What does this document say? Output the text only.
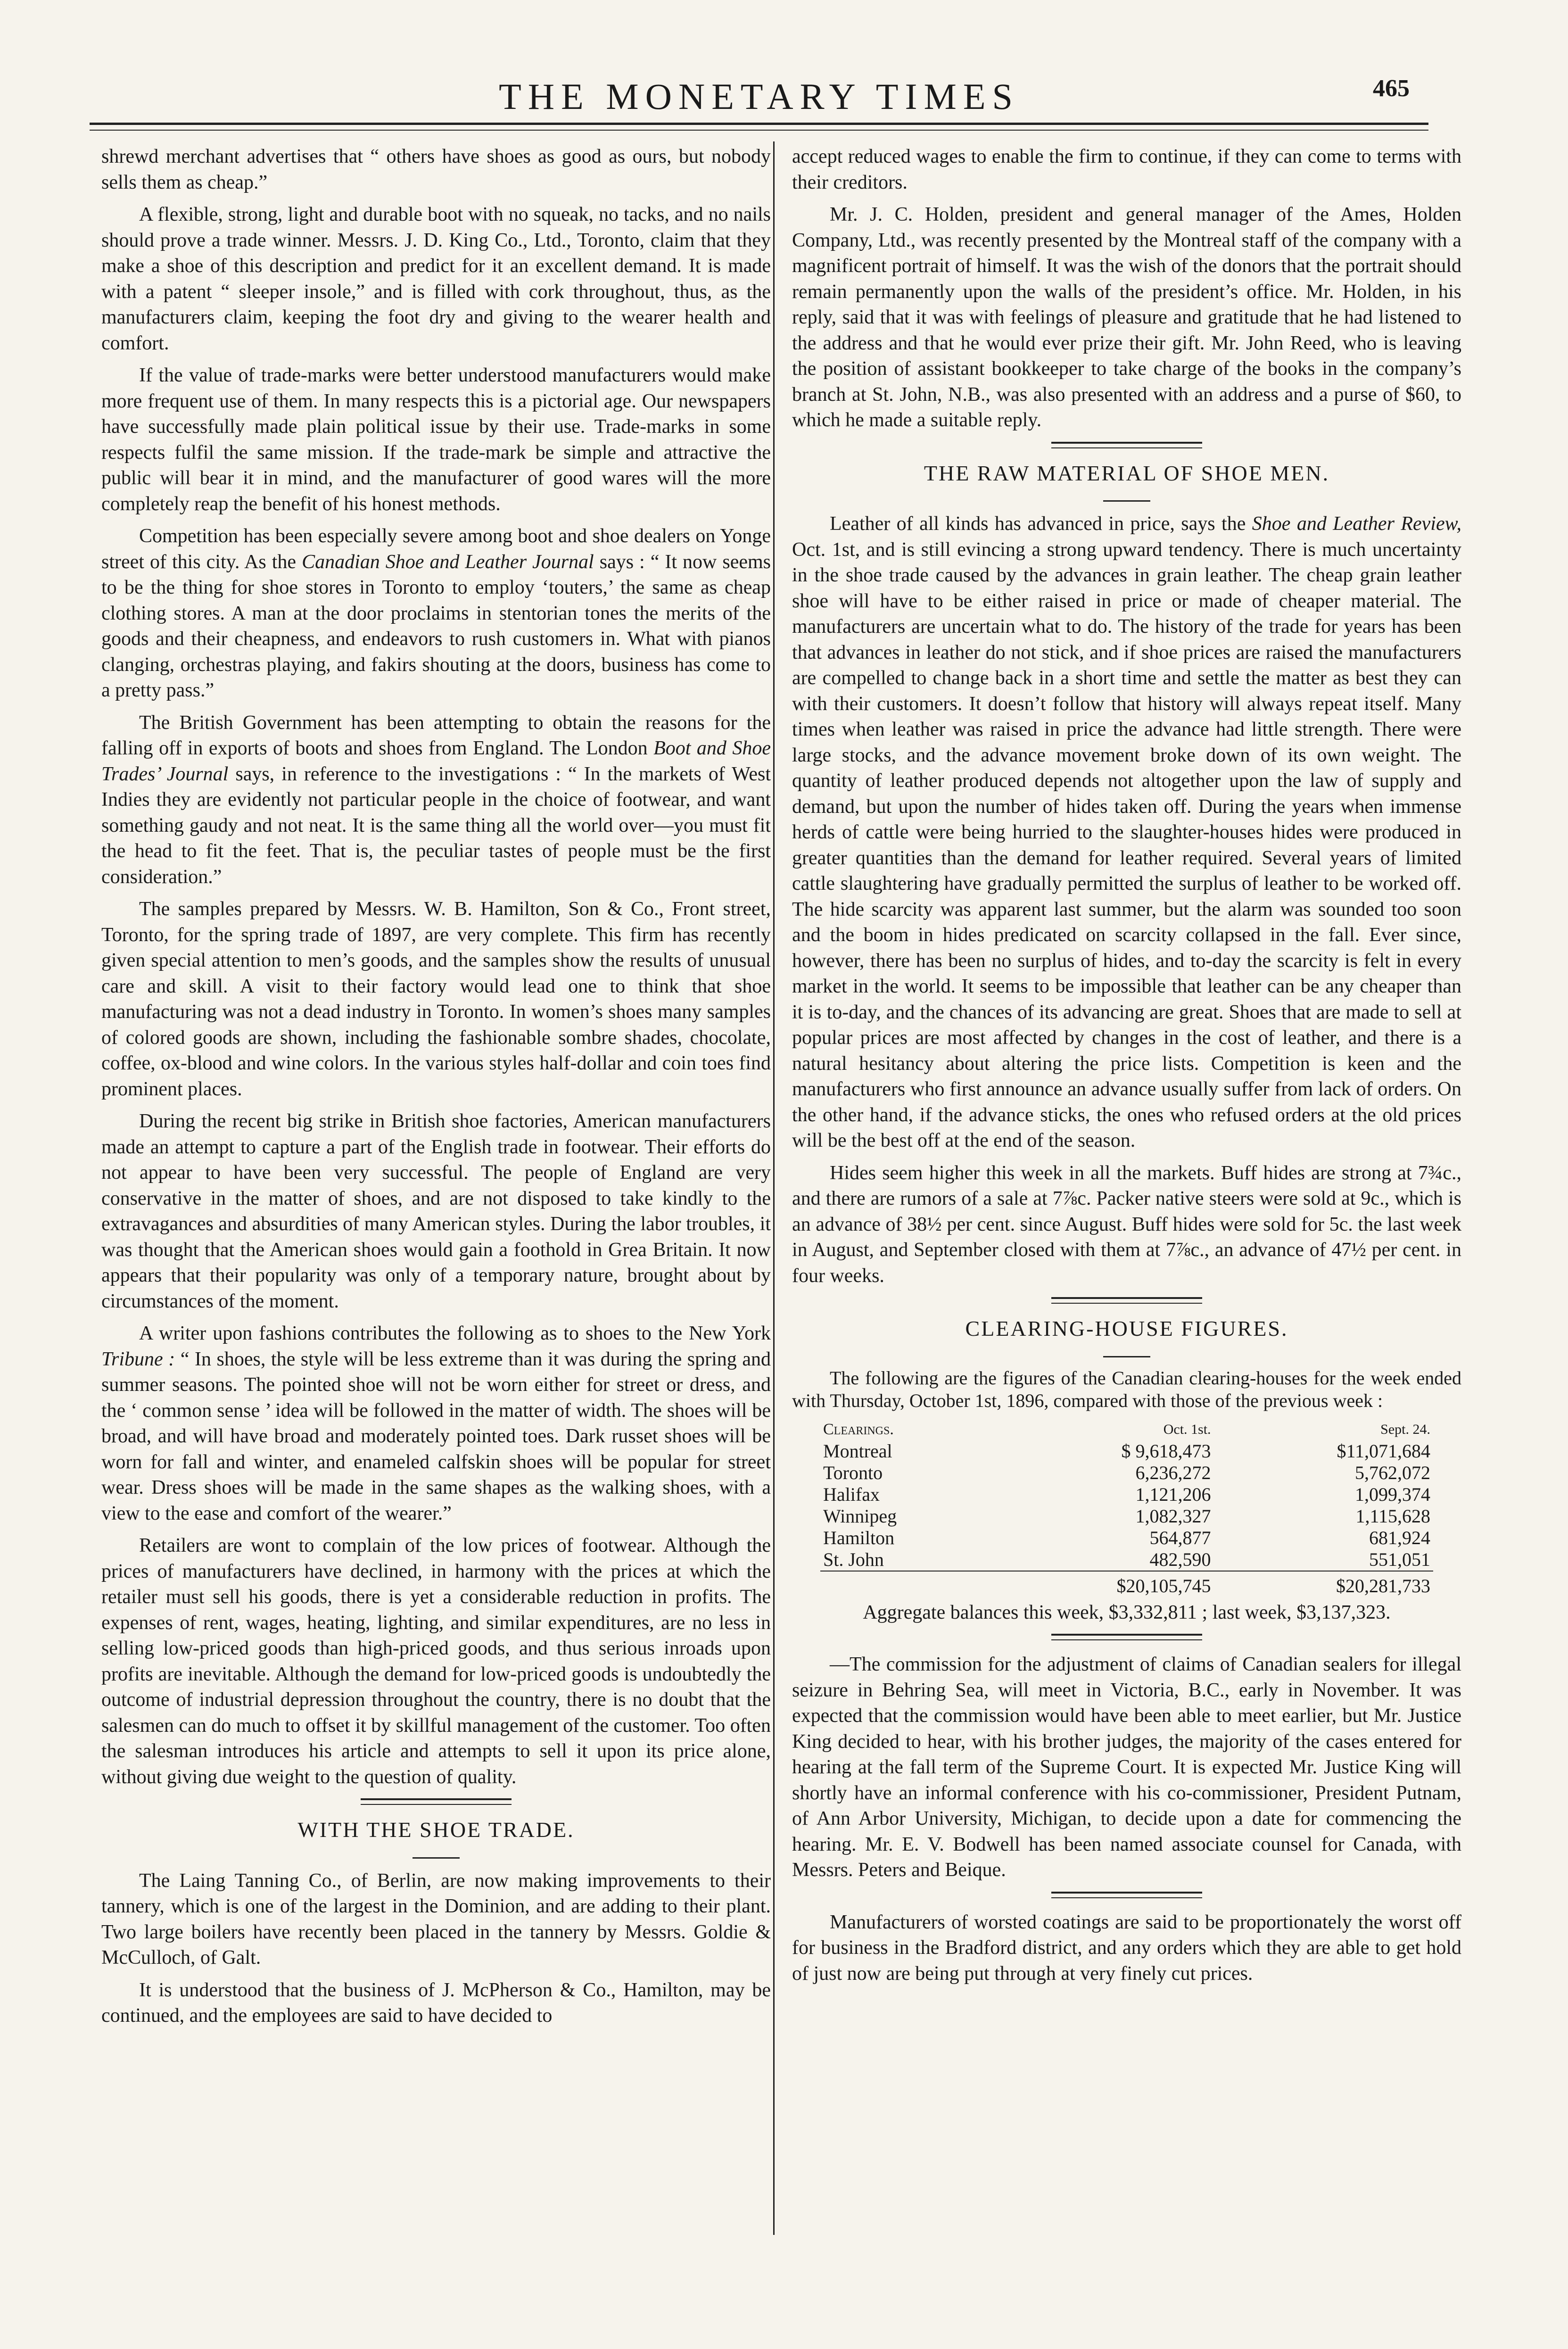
THE MONETARY TIMES	465

shrewd merchant advertises that “ others have shoes as good as ours, but nobody sells them as cheap.”

A flexible, strong, light and durable boot with no squeak, no tacks, and no nails should prove a trade winner. Messrs. J. D. King Co., Ltd., Toronto, claim that they make a shoe of this description and predict for it an excellent demand. It is made with a patent “ sleeper insole,” and is filled with cork throughout, thus, as the manufacturers claim, keeping the foot dry and giving to the wearer health and comfort.

If the value of trade-marks were better understood manufacturers would make more frequent use of them. In many respects this is a pictorial age. Our newspapers have successfully made plain political issue by their use. Trade-marks in some respects fulfil the same mission. If the trade-mark be simple and attractive the public will bear it in mind, and the manufacturer of good wares will the more completely reap the benefit of his honest methods.

Competition has been especially severe among boot and shoe dealers on Yonge street of this city. As the Canadian Shoe and Leather Journal says : “ It now seems to be the thing for shoe stores in Toronto to employ ‘touters,’ the same as cheap clothing stores. A man at the door proclaims in stentorian tones the merits of the goods and their cheapness, and endeavors to rush customers in. What with pianos clanging, orchestras playing, and fakirs shouting at the doors, business has come to a pretty pass.”

The British Government has been attempting to obtain the reasons for the falling off in exports of boots and shoes from England. The London Boot and Shoe Trades’ Journal says, in reference to the investigations : “ In the markets of West Indies they are evidently not particular people in the choice of footwear, and want something gaudy and not neat. It is the same thing all the world over—you must fit the head to fit the feet. That is, the peculiar tastes of people must be the first consideration.”

The samples prepared by Messrs. W. B. Hamilton, Son & Co., Front street, Toronto, for the spring trade of 1897, are very complete. This firm has recently given special attention to men’s goods, and the samples show the results of unusual care and skill. A visit to their factory would lead one to think that shoe manufacturing was not a dead industry in Toronto. In women’s shoes many samples of colored goods are shown, including the fashionable sombre shades, chocolate, coffee, ox-blood and wine colors. In the various styles half-dollar and coin toes find prominent places.

During the recent big strike in British shoe factories, American manufacturers made an attempt to capture a part of the English trade in footwear. Their efforts do not appear to have been very successful. The people of England are very conservative in the matter of shoes, and are not disposed to take kindly to the extravagances and absurdities of many American styles. During the labor troubles, it was thought that the American shoes would gain a foothold in Grea Britain. It now appears that their popularity was only of a temporary nature, brought about by circumstances of the moment.

A writer upon fashions contributes the following as to shoes to the New York Tribune : “ In shoes, the style will be less extreme than it was during the spring and summer seasons. The pointed shoe will not be worn either for street or dress, and the ‘ common sense ’ idea will be followed in the matter of width. The shoes will be broad, and will have broad and moderately pointed toes. Dark russet shoes will be worn for fall and winter, and enameled calfskin shoes will be popular for street wear. Dress shoes will be made in the same shapes as the walking shoes, with a view to the ease and comfort of the wearer.”

Retailers are wont to complain of the low prices of footwear. Although the prices of manufacturers have declined, in harmony with the prices at which the retailer must sell his goods, there is yet a considerable reduction in profits. The expenses of rent, wages, heating, lighting, and similar expenditures, are no less in selling low-priced goods than high-priced goods, and thus serious inroads upon profits are inevitable. Although the demand for low-priced goods is undoubtedly the outcome of industrial depression throughout the country, there is no doubt that the salesmen can do much to offset it by skillful management of the customer. Too often the salesman introduces his article and attempts to sell it upon its price alone, without giving due weight to the question of quality.

WITH THE SHOE TRADE.

The Laing Tanning Co., of Berlin, are now making improvements to their tannery, which is one of the largest in the Dominion, and are adding to their plant. Two large boilers have recently been placed in the tannery by Messrs. Goldie & McCulloch, of Galt.

It is understood that the business of J. McPherson & Co., Hamilton, may be continued, and the employees are said to have decided to

accept reduced wages to enable the firm to continue, if they can come to terms with their creditors.

Mr. J. C. Holden, president and general manager of the Ames, Holden Company, Ltd., was recently presented by the Montreal staff of the company with a magnificent portrait of himself. It was the wish of the donors that the portrait should remain permanently upon the walls of the president’s office. Mr. Holden, in his reply, said that it was with feelings of pleasure and gratitude that he had listened to the address and that he would ever prize their gift. Mr. John Reed, who is leaving the position of assistant bookkeeper to take charge of the books in the company’s branch at St. John, N.B., was also presented with an address and a purse of $60, to which he made a suitable reply.

THE RAW MATERIAL OF SHOE MEN.

Leather of all kinds has advanced in price, says the Shoe and Leather Review, Oct. 1st, and is still evincing a strong upward tendency. There is much uncertainty in the shoe trade caused by the advances in grain leather. The cheap grain leather shoe will have to be either raised in price or made of cheaper material. The manufacturers are uncertain what to do. The history of the trade for years has been that advances in leather do not stick, and if shoe prices are raised the manufacturers are compelled to change back in a short time and settle the matter as best they can with their customers. It doesn’t follow that history will always repeat itself. Many times when leather was raised in price the advance had little strength. There were large stocks, and the advance movement broke down of its own weight. The quantity of leather produced depends not altogether upon the law of supply and demand, but upon the number of hides taken off. During the years when immense herds of cattle were being hurried to the slaughter-houses hides were produced in greater quantities than the demand for leather required. Several years of limited cattle slaughtering have gradually permitted the surplus of leather to be worked off. The hide scarcity was apparent last summer, but the alarm was sounded too soon and the boom in hides predicated on scarcity collapsed in the fall. Ever since, however, there has been no surplus of hides, and to-day the scarcity is felt in every market in the world. It seems to be impossible that leather can be any cheaper than it is to-day, and the chances of its advancing are great. Shoes that are made to sell at popular prices are most affected by changes in the cost of leather, and there is a natural hesitancy about altering the price lists. Competition is keen and the manufacturers who first announce an advance usually suffer from lack of orders. On the other hand, if the advance sticks, the ones who refused orders at the old prices will be the best off at the end of the season.

Hides seem higher this week in all the markets. Buff hides are strong at 7¾c., and there are rumors of a sale at 7⅞c. Packer native steers were sold at 9c., which is an advance of 38½ per cent. since August. Buff hides were sold for 5c. the last week in August, and September closed with them at 7⅞c., an advance of 47½ per cent. in four weeks.

CLEARING-HOUSE FIGURES.

The following are the figures of the Canadian clearing-houses for the week ended with Thursday, October 1st, 1896, compared with those of the previous week :

Clearings.	Oct. 1st.	Sept. 24.
Montreal	$ 9,618,473	$11,071,684
Toronto	6,236,272	5,762,072
Halifax	1,121,206	1,099,374
Winnipeg	1,082,327	1,115,628
Hamilton	564,877	681,924
St. John	482,590	551,051
	$20,105,745	$20,281,733

Aggregate balances this week, $3,332,811 ; last week, $3,137,323.

—The commission for the adjustment of claims of Canadian sealers for illegal seizure in Behring Sea, will meet in Victoria, B.C., early in November. It was expected that the commission would have been able to meet earlier, but Mr. Justice King decided to hear, with his brother judges, the majority of the cases entered for hearing at the fall term of the Supreme Court. It is expected Mr. Justice King will shortly have an informal conference with his co-commissioner, President Putnam, of Ann Arbor University, Michigan, to decide upon a date for commencing the hearing. Mr. E. V. Bodwell has been named associate counsel for Canada, with Messrs. Peters and Beique.

Manufacturers of worsted coatings are said to be proportionately the worst off for business in the Bradford district, and any orders which they are able to get hold of just now are being put through at very finely cut prices.
